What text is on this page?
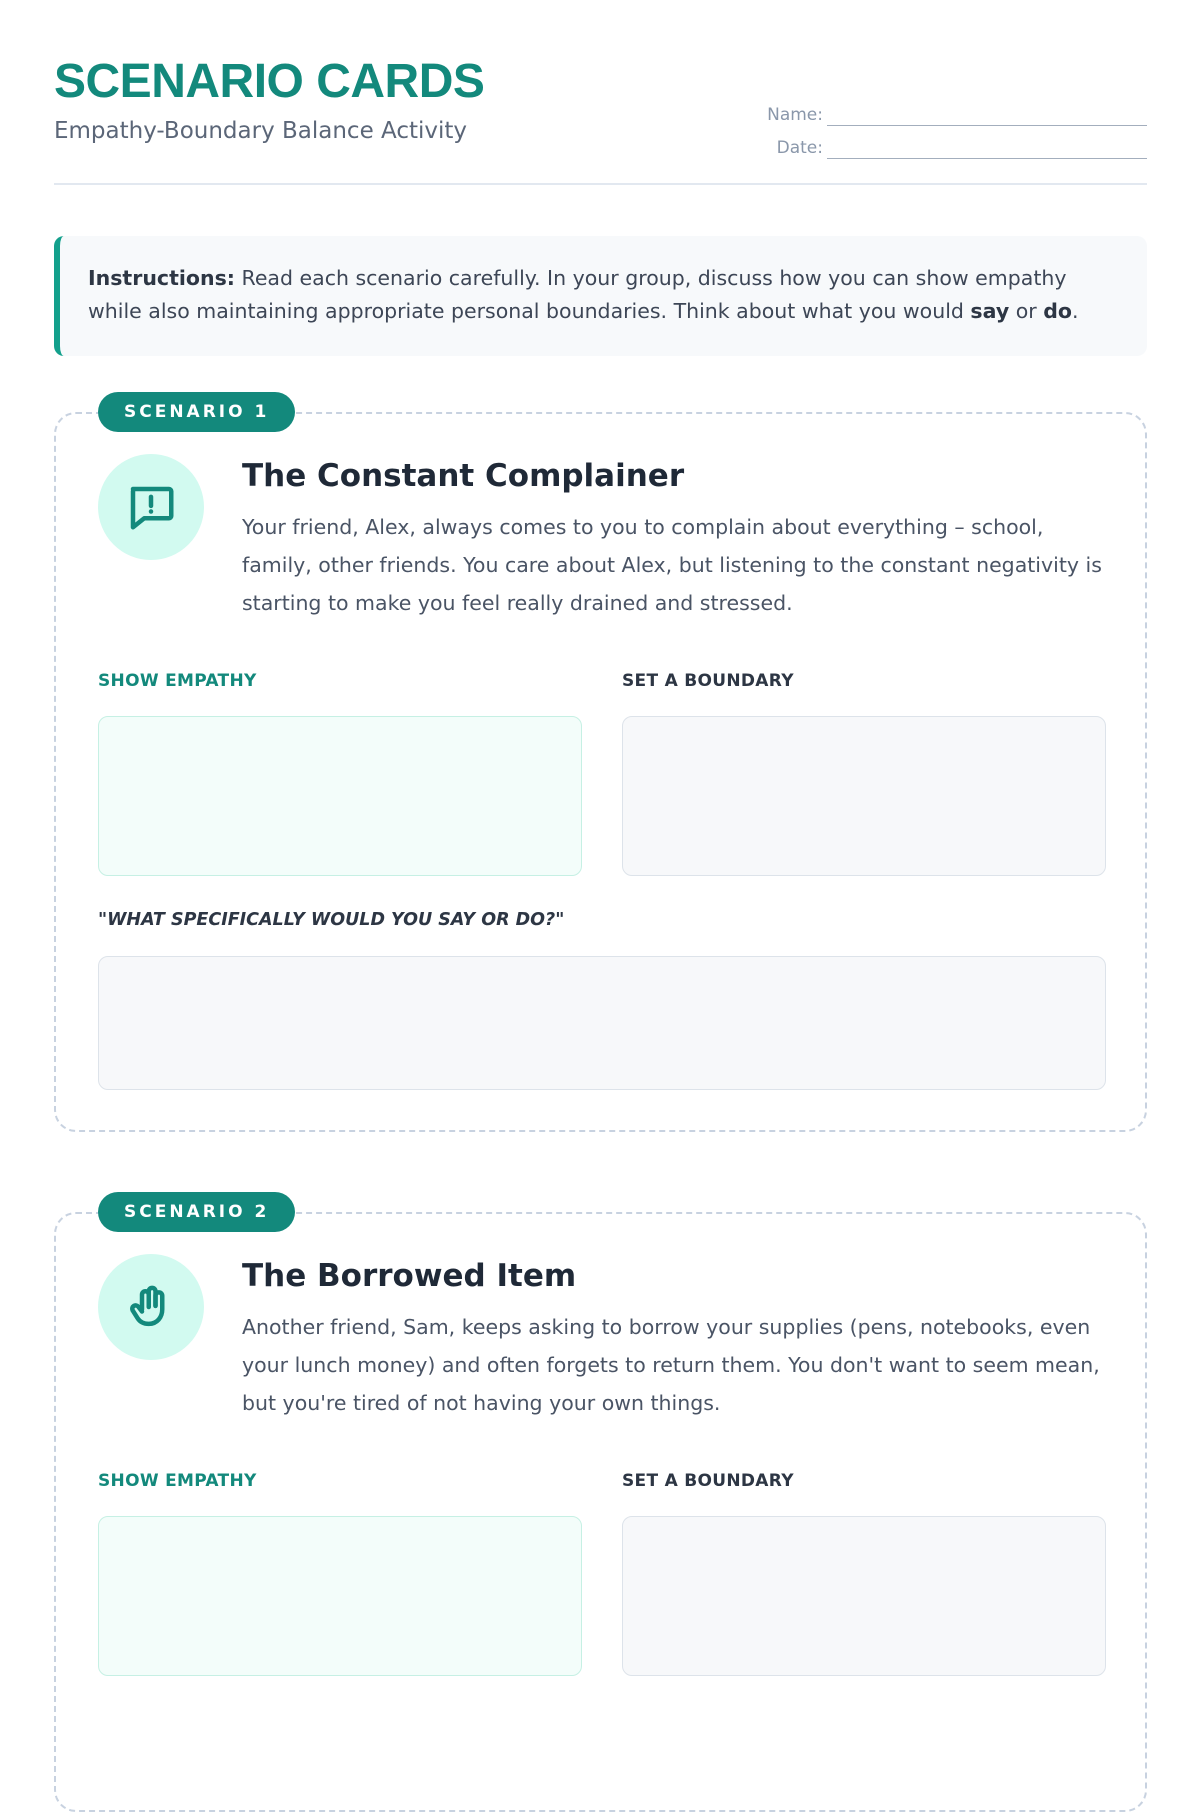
SCENARIO CARDS
Empathy-Boundary Balance Activity
Name:
Date:
Instructions: Read each scenario carefully. In your group, discuss how you can show empathy while also maintaining appropriate personal boundaries. Think about what you would say or do.
SCENARIO 1
The Constant Complainer

Your friend, Alex, always comes to you to complain about everything – school, family, other friends. You care about Alex, but listening to the constant negativity is starting to make you feel really drained and stressed.

SHOW EMPATHY	SET A BOUNDARY
"WHAT SPECIFICALLY WOULD YOU SAY OR DO?"
SCENARIO 2
The Borrowed Item

Another friend, Sam, keeps asking to borrow your supplies (pens, notebooks, even your lunch money) and often forgets to return them. You don't want to seem mean, but you're tired of not having your own things.

SHOW EMPATHY	SET A BOUNDARY
